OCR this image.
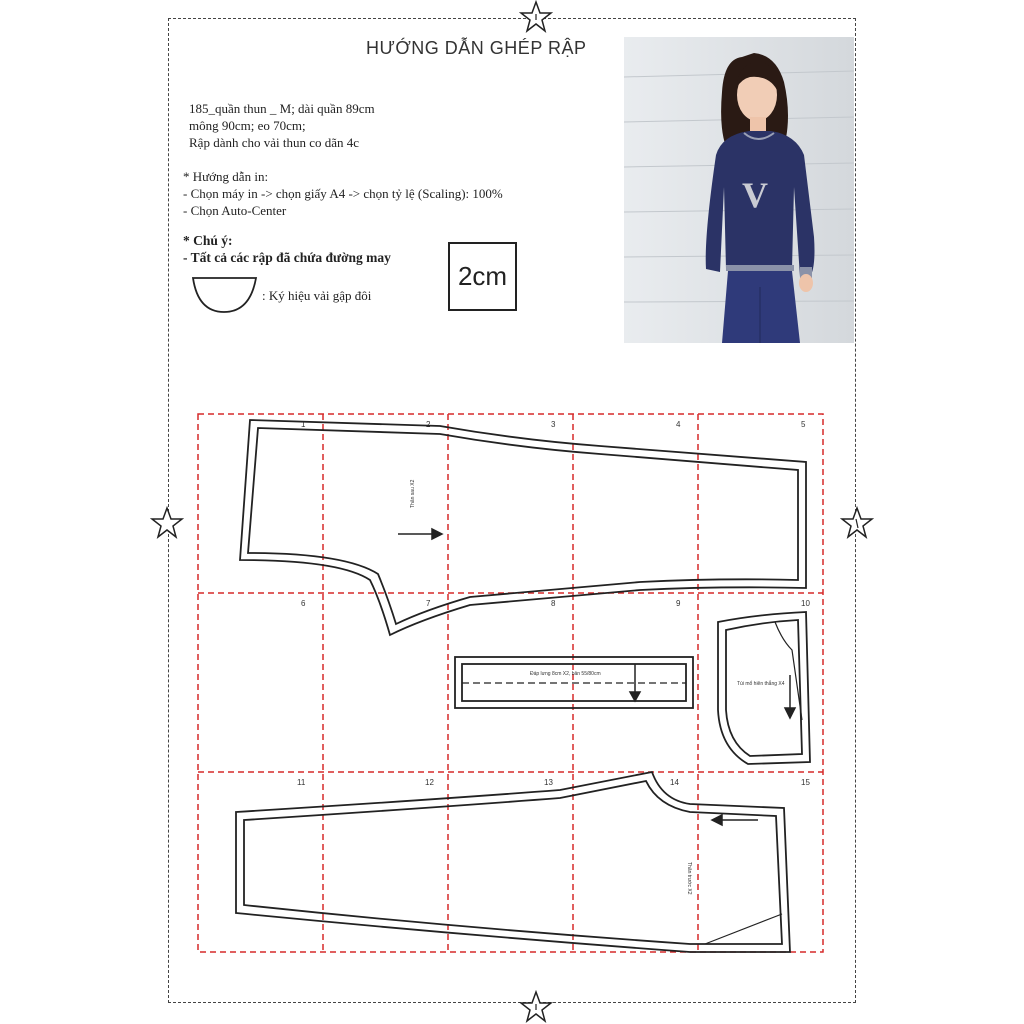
HƯỚNG DẪN GHÉP RẬP
185_quần thun _ M; dài quần 89cm
mông 90cm; eo 70cm;
Rập dành cho vải thun co dãn 4c
* Hướng dẫn in:
- Chọn máy in -> chọn giấy A4 -> chọn tỷ lệ (Scaling): 100%
- Chọn Auto-Center
* Chú ý:
- Tất cả các rập đã chứa đường may
: Ký hiệu vải gập đôi
2cm
V
1	2	3	4	5
6	7	8	9	10
11	12	13	14	15
Thân sau X2
Đáp lưng 8cm X2, bản 55/80cm
Túi mổ hiên thẳng X4
Thân trước X2
